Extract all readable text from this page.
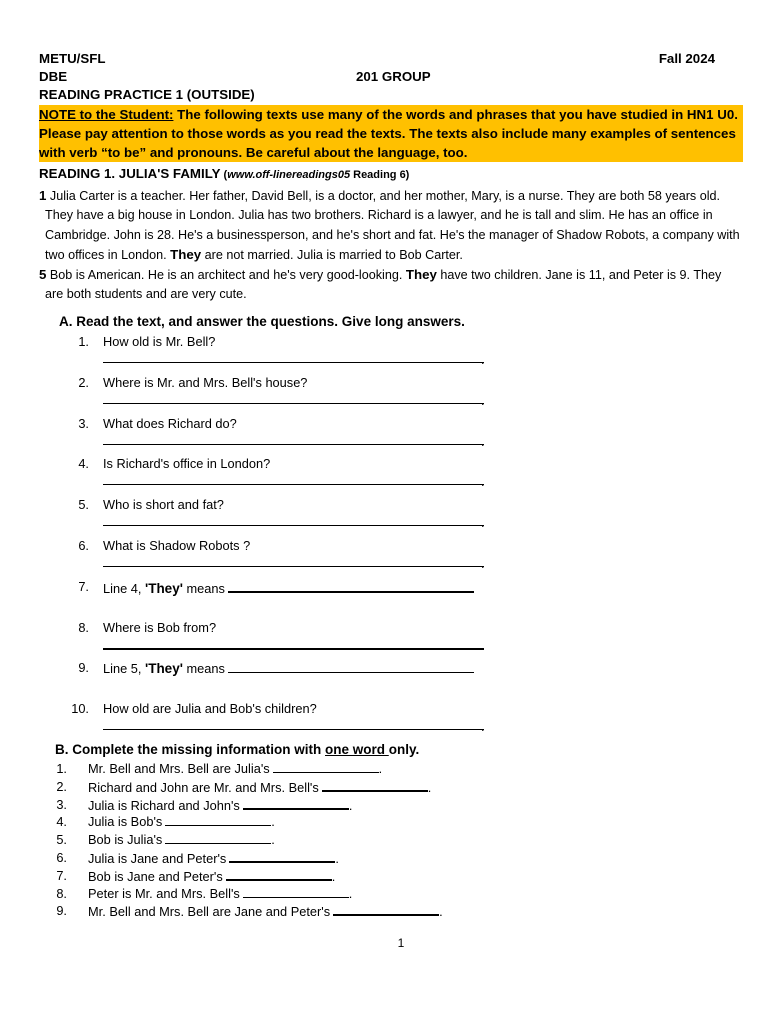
METU/SFL	Fall 2024
DBE	201 GROUP
READING PRACTICE 1 (OUTSIDE)
NOTE to the Student: The following texts use many of the words and phrases that you have studied in HN1 U0. Please pay attention to those words as you read the texts. The texts also include many examples of sentences with verb “to be” and pronouns. Be careful about the language, too.
READING 1. JULIA'S FAMILY (www.off-linereadings05 Reading 6)

1 Julia Carter is a teacher. Her father, David Bell, is a doctor, and her mother, Mary, is a nurse. They are both 58 years old. They have a big house in London. Julia has two brothers. Richard is a lawyer, and he is tall and slim. He has an office in Cambridge. John is 28. He's a businessperson, and he's short and fat. He's the manager of Shadow Robots, a company with two offices in London. They are not married. Julia is married to Bob Carter.

5 Bob is American. He is an architect and he's very good-looking. They have two children. Jane is 11, and Peter is 9. They are both students and are very cute.

A. Read the text, and answer the questions. Give long answers.
1. How old is Mr. Bell?
.
2. Where is Mr. and Mrs. Bell's house?
.
3. What does Richard do?
.
4. Is Richard's office in London?
.
5. Who is short and fat?
.
6. What is Shadow Robots ?
.
7. Line 4, 'They' means
8. Where is Bob from?
.
9. Line 5, 'They' means
10. How old are Julia and Bob's children?
.
B. Complete the missing information with one word only.
1. Mr. Bell and Mrs. Bell are Julia's	.
2. Richard and John are Mr. and Mrs. Bell's	.
3. Julia is Richard and John's	.
4. Julia is Bob's	.
5. Bob is Julia's	.
6. Julia is Jane and Peter's	.
7. Bob is Jane and Peter's	.
8. Peter is Mr. and Mrs. Bell's	.
9. Mr. Bell and Mrs. Bell are Jane and Peter's	.
1
